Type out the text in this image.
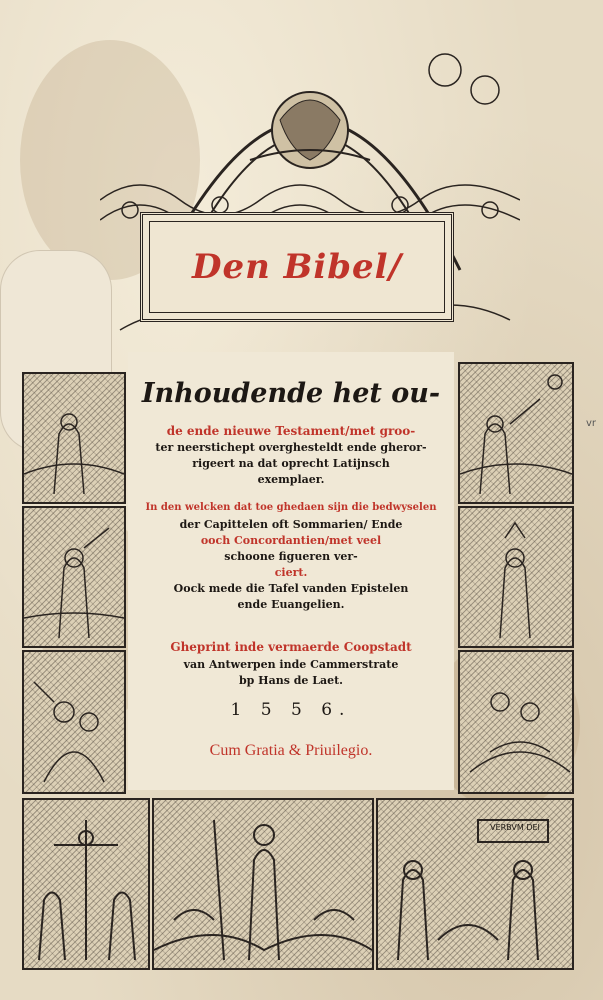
Den Bibel/
VERBVM DEI
Inhoudende het ou-
de ende nieuwe Testament/met groo-
ter neerstichept overghesteldt ende gheror-
rigeert na dat oprecht Latijnsch
exemplaer.
In den welcken dat toe ghedaen sijn die bedwyselen
der Capittelen oft Sommarien/ Ende
ooch Concordantien/met veel
schoone figueren ver-
ciert.
Oock mede die Tafel vanden Epistelen
ende Euangelien.
Gheprint inde vermaerde Coopstadt
van Antwerpen inde Cammerstrate
bp Hans de Laet.
1 5 5 6.
Cum Gratia & Priuilegio.
vr
